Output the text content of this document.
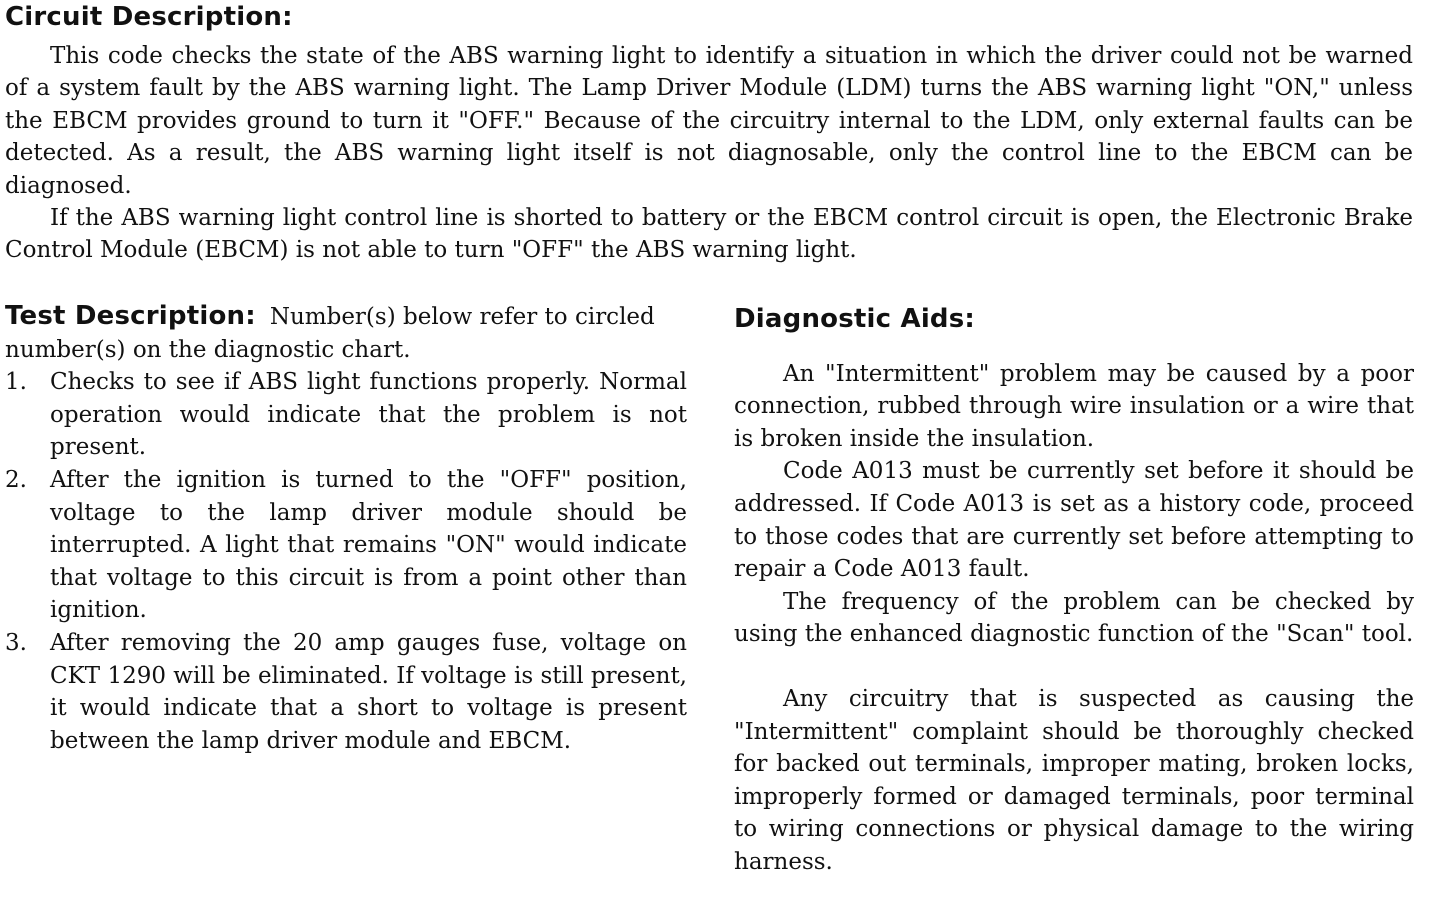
Circuit Description:

This code checks the state of the ABS warning light to identify a situation in which the driver could not be warned of a system fault by the ABS warning light. The Lamp Driver Module (LDM) turns the ABS warning light "ON," unless the EBCM provides ground to turn it "OFF." Because of the circuitry internal to the LDM, only external faults can be detected. As a result, the ABS warning light itself is not diagnosable, only the control line to the EBCM can be diagnosed.

If the ABS warning light control line is shorted to battery or the EBCM control circuit is open, the Electronic Brake Control Module (EBCM) is not able to turn "OFF" the ABS warning light.

Test Description: Number(s) below refer to circled

number(s) on the diagnostic chart.

1. Checks to see if ABS light functions properly. Normal operation would indicate that the problem is not present.
2. After the ignition is turned to the "OFF" position, voltage to the lamp driver module should be interrupted. A light that remains "ON" would indicate that voltage to this circuit is from a point other than ignition.
3. After removing the 20 amp gauges fuse, voltage on CKT 1290 will be eliminated. If voltage is still present, it would indicate that a short to voltage is present between the lamp driver module and EBCM.
Diagnostic Aids:

An "Intermittent" problem may be caused by a poor connection, rubbed through wire insulation or a wire that is broken inside the insulation.

Code A013 must be currently set before it should be addressed. If Code A013 is set as a history code, proceed to those codes that are currently set before attempting to repair a Code A013 fault.

The frequency of the problem can be checked by using the enhanced diagnostic function of the "Scan" tool.

Any circuitry that is suspected as causing the "Intermittent" complaint should be thoroughly checked for backed out terminals, improper mating, broken locks, improperly formed or damaged terminals, poor terminal to wiring connections or physical damage to the wiring harness.
